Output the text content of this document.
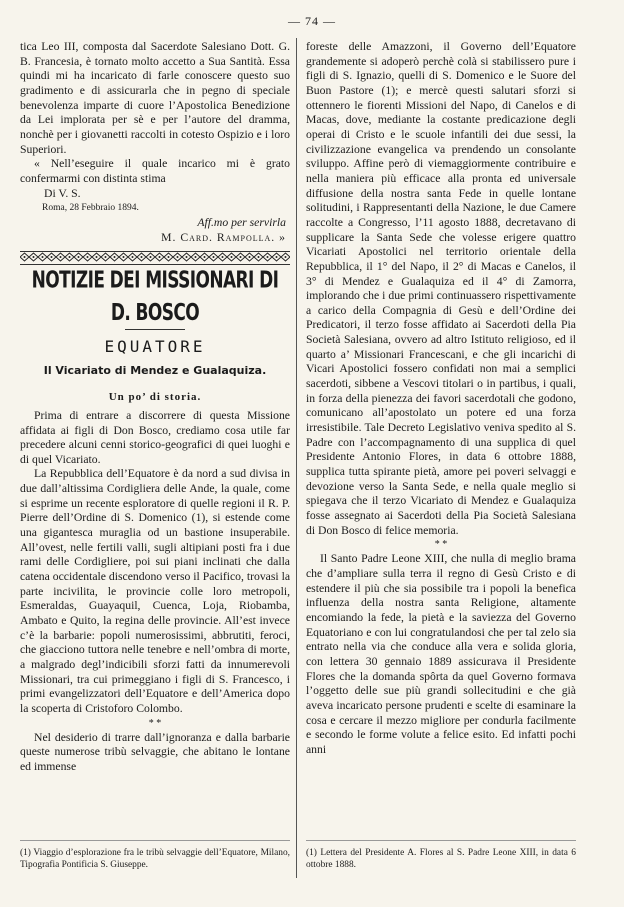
— 74 —

tica Leo III, composta dal Sacerdote Salesiano Dott. G. B. Francesia, è tornato molto accetto a Sua Santità. Essa quindi mi ha incaricato di farle conoscere questo suo gradimento e di assicurarla che in pegno di speciale benevolenza imparte di cuore l’Apostolica Benedizione da Lei implorata per sè e per l’autore del dramma, nonchè per i giovanetti raccolti in cotesto Ospizio e i loro Superiori.

« Nell’eseguire il quale incarico mi è grato confermarmi con distinta stima

Di V. S.

Roma, 28 Febbraio 1894.

Aff.mo per servirla

M. Card. Rampolla. »

NOTIZIE DEI MISSIONARI DI D. BOSCO
EQUATORE
Il Vicariato di Mendez e Gualaquiza.
Un po’ di storia.

Prima di entrare a discorrere di questa Missione affidata ai figli di Don Bosco, crediamo cosa utile far precedere alcuni cenni storico-geografici di quei luoghi e di quel Vicariato.

La Repubblica dell’Equatore è da nord a sud divisa in due dall’altissima Cordigliera delle Ande, la quale, come si esprime un recente esploratore di quelle regioni il R. P. Pierre dell’Ordine di S. Domenico (1), si estende come una gigantesca muraglia od un bastione insuperabile. All’ovest, nelle fertili valli, sugli altipiani posti fra i due rami delle Cordigliere, poi sui piani inclinati che dalla catena occidentale discendono verso il Pacifico, trovasi la parte incivilita, le provincie colle loro metropoli, Esmeraldas, Guayaquil, Cuenca, Loja, Riobamba, Ambato e Quito, la regina delle provincie. All’est invece c’è la barbarie: popoli numerosissimi, abbrutiti, feroci, che giacciono tuttora nelle tenebre e nell’ombra di morte, a malgrado degl’indicibili sforzi fatti da innumerevoli Missionari, tra cui primeggiano i figli di S. Francesco, i primi evangelizzatori dell’Equatore e dell’America dopo la scoperta di Cristoforo Colombo.

* *

Nel desiderio di trarre dall’ignoranza e dalla barbarie queste numerose tribù selvaggie, che abitano le lontane ed immense

foreste delle Amazzoni, il Governo dell’Equatore grandemente si adoperò perchè colà si stabilissero pure i figli di S. Ignazio, quelli di S. Domenico e le Suore del Buon Pastore (1); e mercè questi salutari sforzi si ottennero le fiorenti Missioni del Napo, di Canelos e di Macas, dove, mediante la costante predicazione degli operai di Cristo e le scuole infantili dei due sessi, la civilizzazione evangelica va prendendo un consolante sviluppo. Affine però di viemaggiormente contribuire e nella maniera più efficace alla pronta ed universale diffusione della nostra santa Fede in quelle lontane solitudini, i Rappresentanti della Nazione, le due Camere raccolte a Congresso, l’11 agosto 1888, decretavano di supplicare la Santa Sede che volesse erigere quattro Vicariati Apostolici nel territorio orientale della Repubblica, il 1° del Napo, il 2° di Macas e Canelos, il 3° di Mendez e Gualaquiza ed il 4° di Zamorra, implorando che i due primi continuassero rispettivamente a carico della Compagnia di Gesù e dell’Ordine dei Predicatori, il terzo fosse affidato ai Sacerdoti della Pia Società Salesiana, ovvero ad altro Istituto religioso, ed il quarto a’ Missionari Francescani, e che gli incarichi di Vicari Apostolici fossero confidati non mai a semplici sacerdoti, sibbene a Vescovi titolari o in partibus, i quali, in forza della pienezza dei favori sacerdotali che godono, comunicano all’apostolato un potere ed una forza irresistibile. Tale Decreto Legislativo veniva spedito al S. Padre con l’accompagnamento di una supplica di quel Presidente Antonio Flores, in data 6 ottobre 1888, supplica tutta spirante pietà, amore pei poveri selvaggi e devozione verso la Santa Sede, e nella quale meglio si spiegava che il terzo Vicariato di Mendez e Gualaquiza fosse assegnato ai Sacerdoti della Pia Società Salesiana di Don Bosco di felice memoria.

* *

Il Santo Padre Leone XIII, che nulla di meglio brama che d’ampliare sulla terra il regno di Gesù Cristo e di estendere il più che sia possibile tra i popoli la benefica influenza della nostra santa Religione, altamente encomiando la fede, la pietà e la saviezza del Governo Equatoriano e con lui congratulandosi che per tal zelo sia entrato nella via che conduce alla vera e solida gloria, con lettera 30 gennaio 1889 assicurava il Presidente Flores che la domanda spôrta da quel Governo formava l’oggetto delle sue più grandi sollecitudini e che già aveva incaricato persone prudenti e scelte di esaminare la cosa e cercare il mezzo migliore per condurla facilmente e secondo le forme volute a felice esito. Ed infatti pochi anni

(1) Viaggio d’esplorazione fra le tribù selvaggie dell’Equatore, Milano, Tipografia Pontificia S. Giuseppe.
(1) Lettera del Presidente A. Flores al S. Padre Leone XIII, in data 6 ottobre 1888.
